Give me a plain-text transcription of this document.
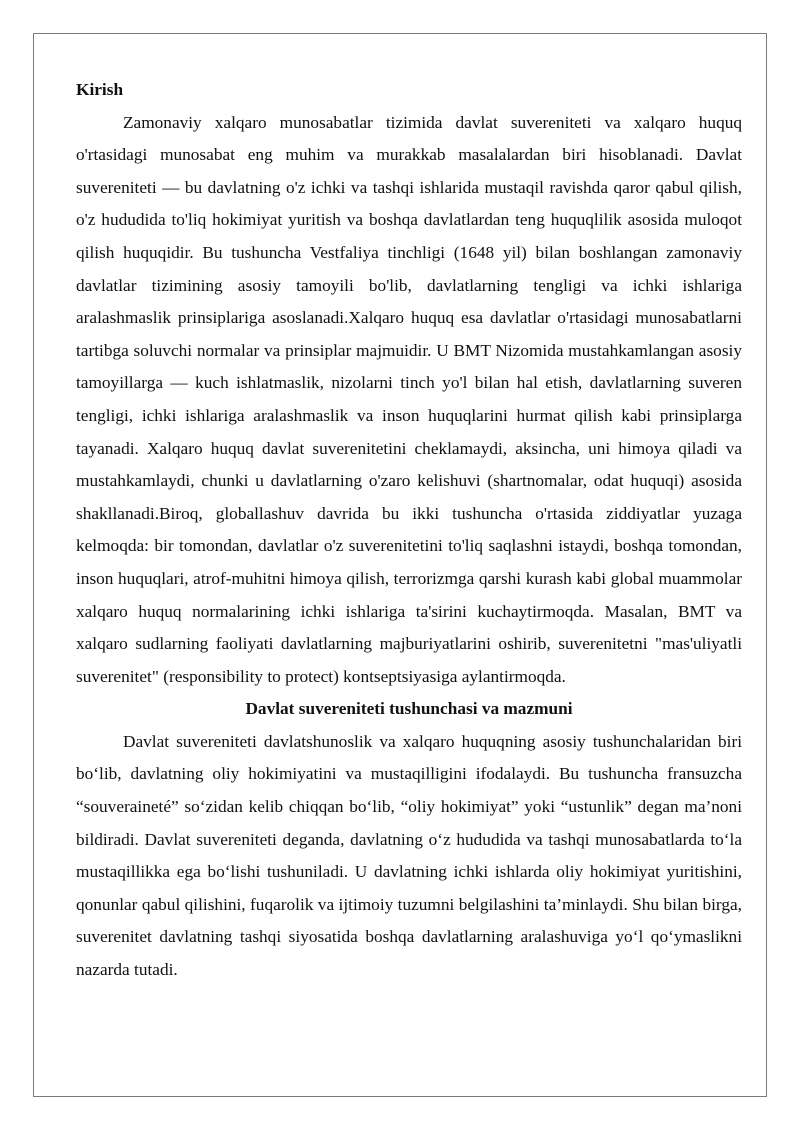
Kirish

Zamonaviy xalqaro munosabatlar tizimida davlat suvereniteti va xalqaro huquq o'rtasidagi munosabat eng muhim va murakkab masalalardan biri hisoblanadi. Davlat suvereniteti — bu davlatning o'z ichki va tashqi ishlarida mustaqil ravishda qaror qabul qilish, o'z hududida to'liq hokimiyat yuritish va boshqa davlatlardan teng huquqlilik asosida muloqot qilish huquqidir. Bu tushuncha Vestfaliya tinchligi (1648 yil) bilan boshlangan zamonaviy davlatlar tizimining asosiy tamoyili bo'lib, davlatlarning tengligi va ichki ishlariga aralashmaslik prinsiplariga asoslanadi.Xalqaro huquq esa davlatlar o'rtasidagi munosabatlarni tartibga soluvchi normalar va prinsiplar majmuidir. U BMT Nizomida mustahkamlangan asosiy tamoyillarga — kuch ishlatmaslik, nizolarni tinch yo'l bilan hal etish, davlatlarning suveren tengligi, ichki ishlariga aralashmaslik va inson huquqlarini hurmat qilish kabi prinsiplarga tayanadi. Xalqaro huquq davlat suverenitetini cheklamaydi, aksincha, uni himoya qiladi va mustahkamlaydi, chunki u davlatlarning o'zaro kelishuvi (shartnomalar, odat huquqi) asosida shakllanadi.Biroq, globallashuv davrida bu ikki tushuncha o'rtasida ziddiyatlar yuzaga kelmoqda: bir tomondan, davlatlar o'z suverenitetini to'liq saqlashni istaydi, boshqa tomondan, inson huquqlari, atrof-muhitni himoya qilish, terrorizmga qarshi kurash kabi global muammolar xalqaro huquq normalarining ichki ishlariga ta'sirini kuchaytirmoqda. Masalan, BMT va xalqaro sudlarning faoliyati davlatlarning majburiyatlarini oshirib, suverenitetni "mas'uliyatli suverenitet" (responsibility to protect) kontseptsiyasiga aylantirmoqda.

Davlat suvereniteti tushunchasi va mazmuni

Davlat suvereniteti davlatshunoslik va xalqaro huquqning asosiy tushunchalaridan biri bo‘lib, davlatning oliy hokimiyatini va mustaqilligini ifodalaydi. Bu tushuncha fransuzcha “souveraineté” so‘zidan kelib chiqqan bo‘lib, “oliy hokimiyat” yoki “ustunlik” degan ma’noni bildiradi. Davlat suvereniteti deganda, davlatning o‘z hududida va tashqi munosabatlarda to‘la mustaqillikka ega bo‘lishi tushuniladi. U davlatning ichki ishlarda oliy hokimiyat yuritishini, qonunlar qabul qilishini, fuqarolik va ijtimoiy tuzumni belgilashini ta’minlaydi. Shu bilan birga, suverenitet davlatning tashqi siyosatida boshqa davlatlarning aralashuviga yo‘l qo‘ymaslikni nazarda tutadi.
